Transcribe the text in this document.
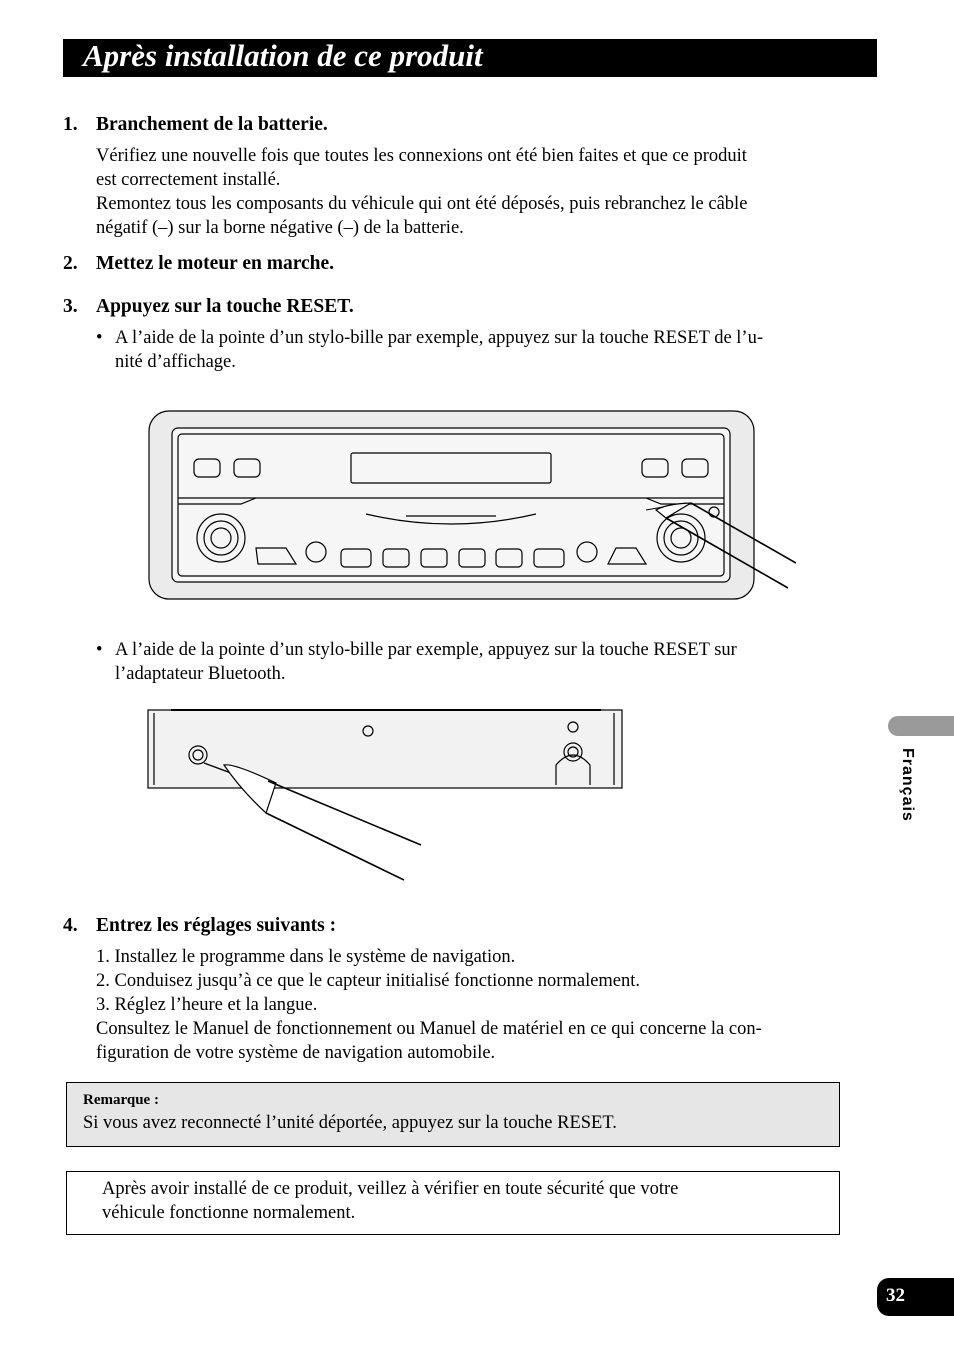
Après installation de ce produit
1. Branchement de la batterie.

Vérifiez une nouvelle fois que toutes les connexions ont été bien faites et que ce produit

est correctement installé.

Remontez tous les composants du véhicule qui ont été déposés, puis rebranchez le câble

négatif (–) sur la borne négative (–) de la batterie.

2. Mettez le moteur en marche.
3. Appuyez sur la touche RESET.
• A l’aide de la pointe d’un stylo-bille par exemple, appuyez sur la touche RESET de l’u-
nité d’affichage.
• A l’aide de la pointe d’un stylo-bille par exemple, appuyez sur la touche RESET sur
l’adaptateur Bluetooth.
4. Entrez les réglages suivants :

1. Installez le programme dans le système de navigation.

2. Conduisez jusqu’à ce que le capteur initialisé fonctionne normalement.

3. Réglez l’heure et la langue.

Consultez le Manuel de fonctionnement ou Manuel de matériel en ce qui concerne la con-

figuration de votre système de navigation automobile.

Remarque :
Si vous avez reconnecté l’unité déportée, appuyez sur la touche RESET.
Après avoir installé de ce produit, veillez à vérifier en toute sécurité que votre
véhicule fonctionne normalement.
Français
32
